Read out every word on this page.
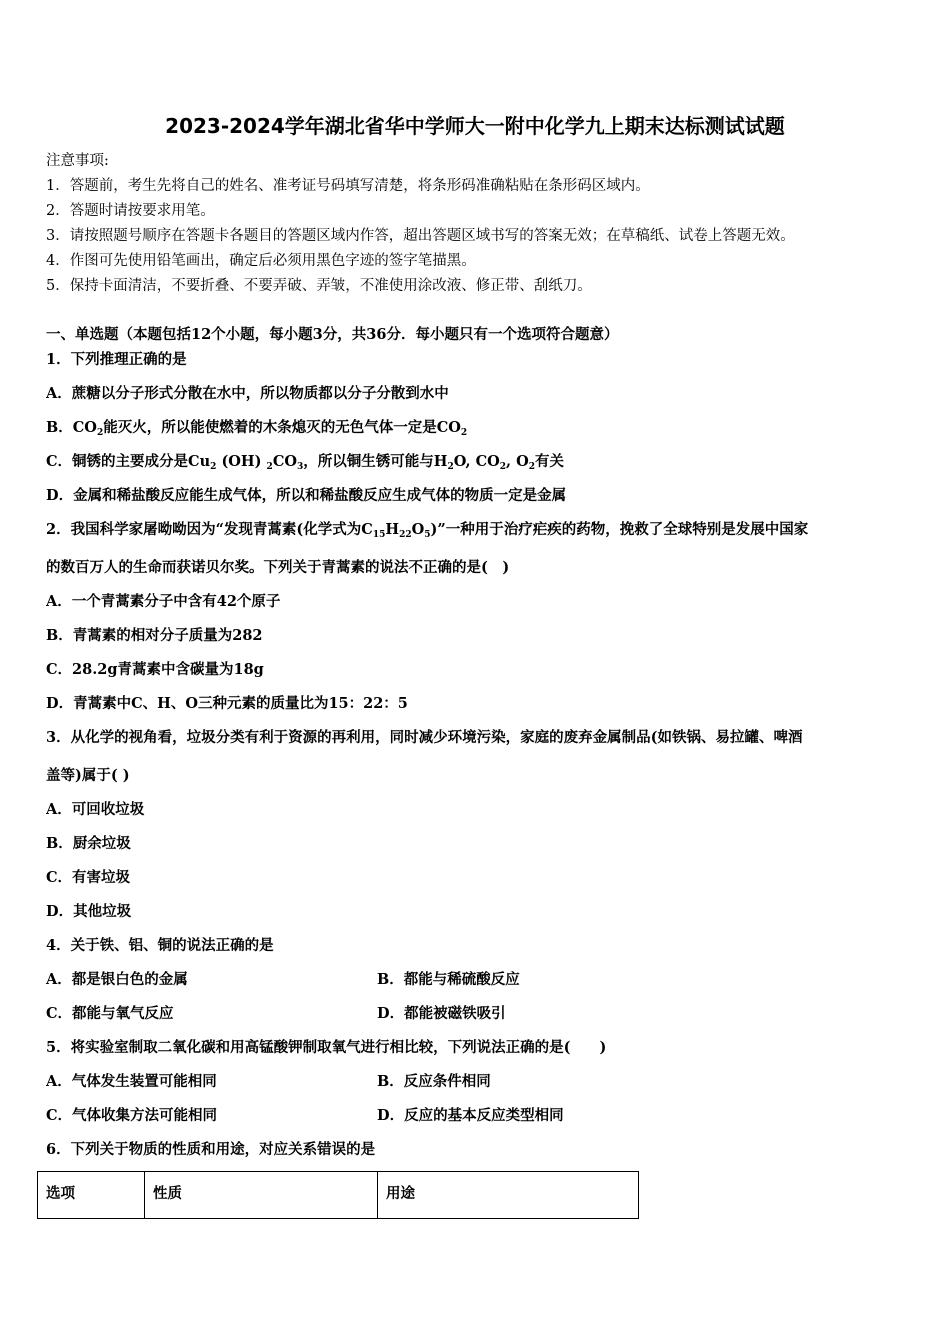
2023-2024学年湖北省华中学师大一附中化学九上期末达标测试试题
注意事项:
1．答题前，考生先将自己的姓名、准考证号码填写清楚，将条形码准确粘贴在条形码区域内。
2．答题时请按要求用笔。
3．请按照题号顺序在答题卡各题目的答题区域内作答，超出答题区域书写的答案无效；在草稿纸、试卷上答题无效。
4．作图可先使用铅笔画出，确定后必须用黑色字迹的签字笔描黑。
5．保持卡面清洁，不要折叠、不要弄破、弄皱，不准使用涂改液、修正带、刮纸刀。
一、单选题（本题包括12个小题，每小题3分，共36分．每小题只有一个选项符合题意）
1．下列推理正确的是
A．蔗糖以分子形式分散在水中，所以物质都以分子分散到水中
B．$CO_2$能灭火，所以能使燃着的木条熄灭的无色气体一定是$CO_2$
C．铜锈的主要成分是$Cu_2$ (OH) $_2CO_3$，所以铜生锈可能与$H_2O$, $CO_2$, $O_2$有关
D．金属和稀盐酸反应能生成气体，所以和稀盐酸反应生成气体的物质一定是金属
2．我国科学家屠呦呦因为“发现青蒿素(化学式为$C_{15}H_{22}O_5$)”一种用于治疗疟疾的药物，挽救了全球特别是发展中国家
的数百万人的生命而获诺贝尔奖。下列关于青蒿素的说法不正确的是(　)
A．一个青蒿素分子中含有42个原子
B．青蒿素的相对分子质量为282
C．28.2g青蒿素中含碳量为18g
D．青蒿素中C、H、O三种元素的质量比为15：22：5
3．从化学的视角看，垃圾分类有利于资源的再利用，同时减少环境污染，家庭的废弃金属制品(如铁锅、易拉罐、啤酒
盖等)属于( )
A．可回收垃圾
B．厨余垃圾
C．有害垃圾
D．其他垃圾
4．关于铁、铝、铜的说法正确的是
A．都是银白色的金属	B．都能与稀硫酸反应
C．都能与氧气反应	D．都能被磁铁吸引
5．将实验室制取二氧化碳和用高锰酸钾制取氧气进行相比较，下列说法正确的是(　　)
A．气体发生装置可能相同	B．反应条件相同
C．气体收集方法可能相同	D．反应的基本反应类型相同
6．下列关于物质的性质和用途，对应关系错误的是
选项	性质	用途
